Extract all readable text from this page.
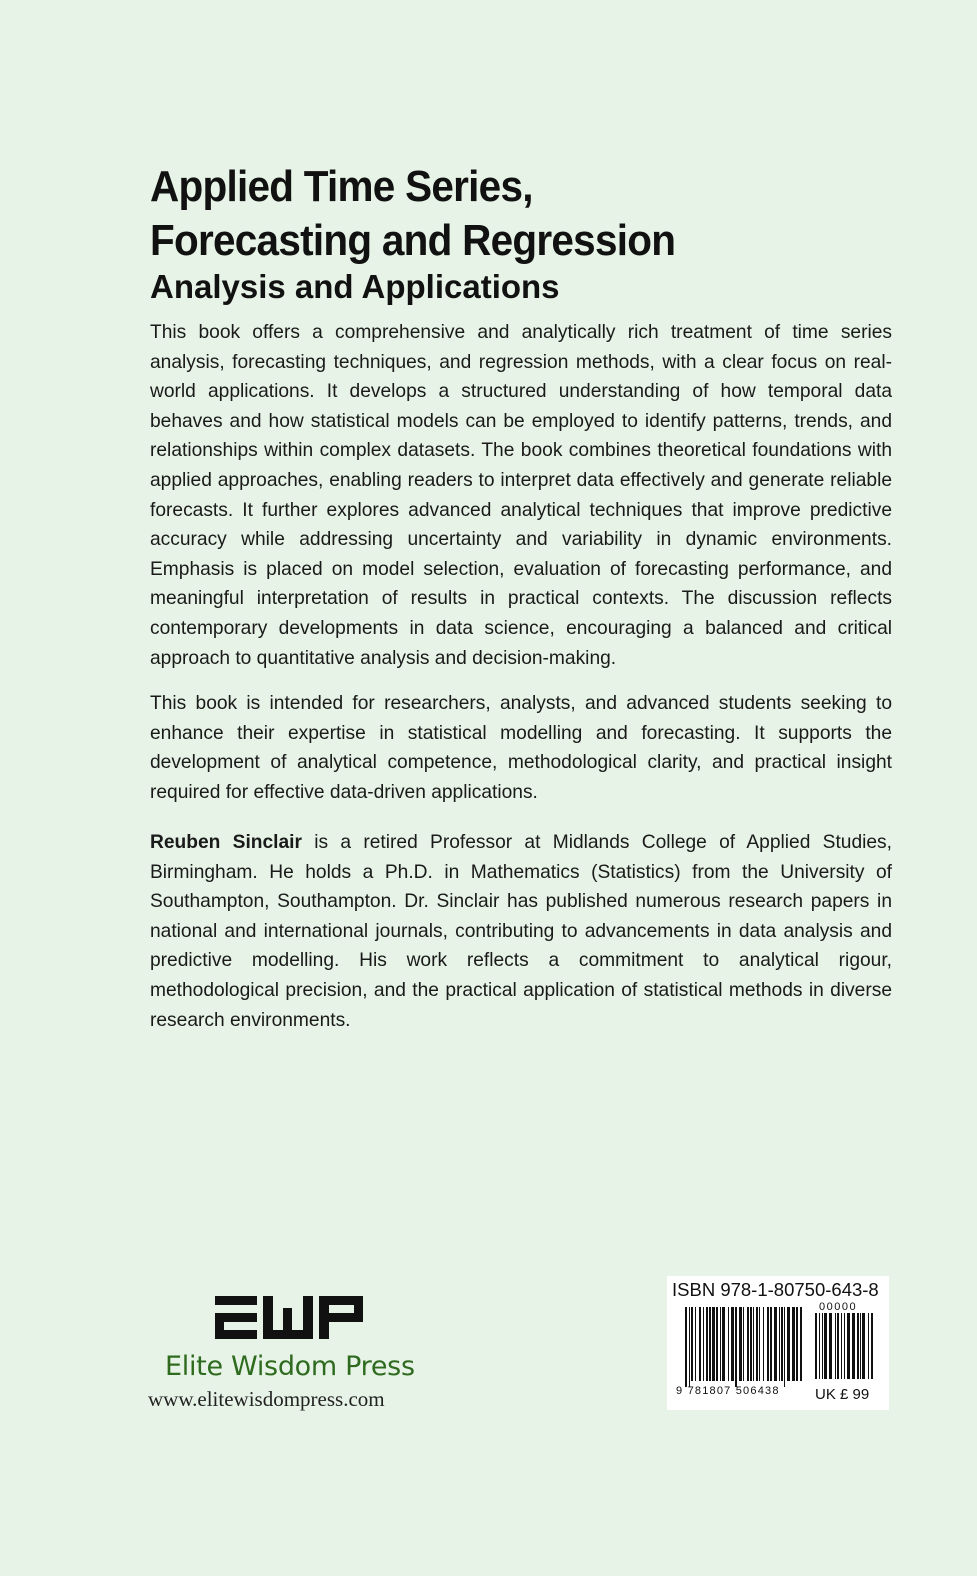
Applied Time Series,
Forecasting and Regression
Analysis and Applications

This book offers a comprehensive and analytically rich treatment of time series analysis, forecasting techniques, and regression methods, with a clear focus on real-world applications. It develops a structured understanding of how temporal data behaves and how statistical models can be employed to identify patterns, trends, and relationships within complex datasets. The book combines theoretical foundations with applied approaches, enabling readers to interpret data effectively and generate reliable forecasts. It further explores advanced analytical techniques that improve predictive accuracy while addressing uncertainty and variability in dynamic environments. Emphasis is placed on model selection, evaluation of forecasting performance, and meaningful interpretation of results in practical contexts. The discussion reflects contemporary developments in data science, encouraging a balanced and critical approach to quantitative analysis and decision-making.

This book is intended for researchers, analysts, and advanced students seeking to enhance their expertise in statistical modelling and forecasting. It supports the development of analytical competence, methodological clarity, and practical insight required for effective data-driven applications.

Reuben Sinclair is a retired Professor at Midlands College of Applied Studies, Birmingham. He holds a Ph.D. in Mathematics (Statistics) from the University of Southampton, Southampton. Dr. Sinclair has published numerous research papers in national and international journals, contributing to advancements in data analysis and predictive modelling. His work reflects a commitment to analytical rigour, methodological precision, and the practical application of statistical methods in diverse research environments.

Elite Wisdom Press
www.elitewisdompress.com
ISBN 978-1-80750-643-8
00000
9 781807 506438 UK £ 99
